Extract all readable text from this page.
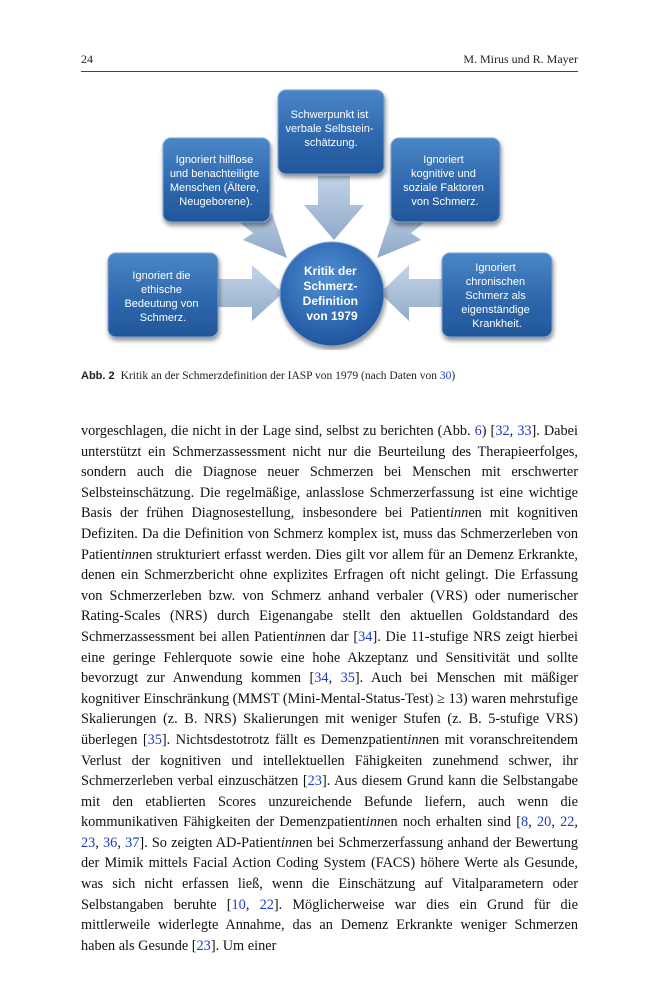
24	M. Mirus und R. Mayer
Schwerpunkt ist verbale Selbstein- schätzung.
Ignoriert hilflose und benachteiligte Menschen (Ältere, Neugeborene).
Ignoriert kognitive und soziale Faktoren von Schmerz.
Ignoriert die ethische Bedeutung von Schmerz.
Ignoriert chronischen Schmerz als eigenständige Krankheit.
Kritik der Schmerz- Definition von 1979
Abb. 2 Kritik an der Schmerzdefinition der IASP von 1979 (nach Daten von 30)

vorgeschlagen, die nicht in der Lage sind, selbst zu berichten (Abb. 6) [32, 33]. Dabei unterstützt ein Schmerzassessment nicht nur die Beurteilung des Therapieerfolges, sondern auch die Diagnose neuer Schmerzen bei Menschen mit erschwerter Selbsteinschätzung. Die regelmäßige, anlasslose Schmerzerfassung ist eine wichtige Basis der frühen Diagnosestellung, insbesondere bei Patientinnen mit kognitiven Defiziten. Da die Definition von Schmerz komplex ist, muss das Schmerzerleben von Patientinnen strukturiert erfasst werden. Dies gilt vor allem für an Demenz Erkrankte, denen ein Schmerzbericht ohne explizites Erfragen oft nicht gelingt. Die Erfassung von Schmerzerleben bzw. von Schmerz anhand verbaler (VRS) oder numerischer Rating-Scales (NRS) durch Eigenangabe stellt den aktuellen Goldstandard des Schmerzassessment bei allen Patientinnen dar [34]. Die 11-stufige NRS zeigt hierbei eine geringe Fehlerquote sowie eine hohe Akzeptanz und Sensitivität und sollte bevorzugt zur Anwendung kommen [34, 35]. Auch bei Menschen mit mäßiger kognitiver Einschränkung (MMST (Mini-Mental-Status-Test) ≥ 13) waren mehrstufige Skalierungen (z. B. NRS) Skalierungen mit weniger Stufen (z. B. 5-stufige VRS) überlegen [35]. Nichtsdestotrotz fällt es Demenzpatientinnen mit voranschreitendem Verlust der kognitiven und intellektuellen Fähigkeiten zunehmend schwer, ihr Schmerzerleben verbal einzuschätzen [23]. Aus diesem Grund kann die Selbstangabe mit den etablierten Scores unzureichende Befunde liefern, auch wenn die kommunikativen Fähigkeiten der Demenzpatientinnen noch erhalten sind [8, 20, 22, 23, 36, 37]. So zeigten AD-Patientinnen bei Schmerzerfassung anhand der Bewertung der Mimik mittels Facial Action Coding System (FACS) höhere Werte als Gesunde, was sich nicht erfassen ließ, wenn die Einschätzung auf Vitalparametern oder Selbstangaben beruhte [10, 22]. Möglicherweise war dies ein Grund für die mittlerweile widerlegte Annahme, das an Demenz Erkrankte weniger Schmerzen haben als Gesunde [23]. Um einer
